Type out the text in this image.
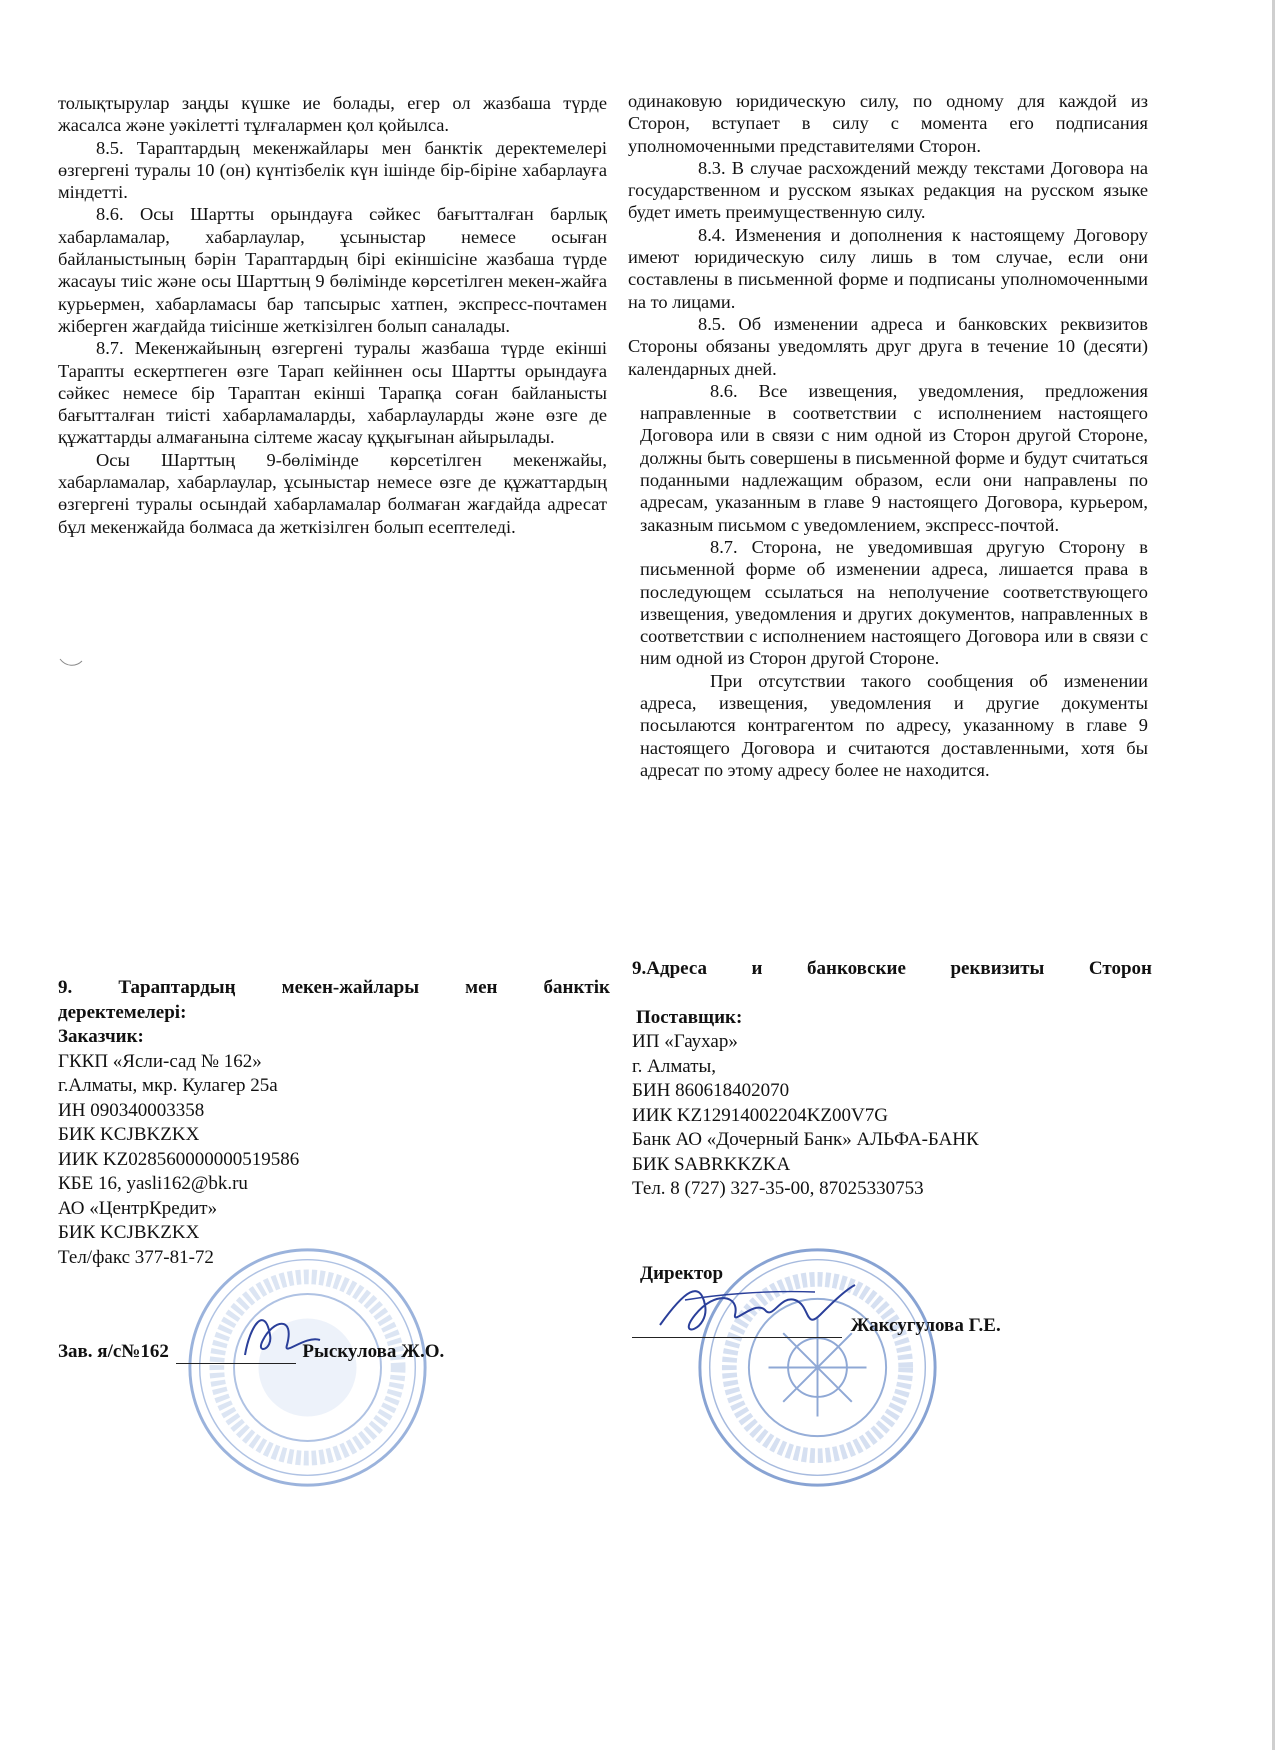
толықтырулар заңды күшке ие болады, егер ол жазбаша түрде жасалса және уәкілетті тұлғалармен қол қойылса.

8.5. Тараптардың мекенжайлары мен банктік деректемелері өзгергені туралы 10 (он) күнтізбелік күн ішінде бір-біріне хабарлауға міндетті.

8.6. Осы Шартты орындауға сәйкес бағытталған барлық хабарламалар, хабарлаулар, ұсыныстар немесе осыған байланыстының бәрін Тараптардың бірі екіншісіне жазбаша түрде жасауы тиіс және осы Шарттың 9 бөлімінде көрсетілген мекен-жайға курьермен, хабарламасы бар тапсырыс хатпен, экспресс-почтамен жіберген жағдайда тиісінше жеткізілген болып саналады.

8.7. Мекенжайының өзгергені туралы жазбаша түрде екінші Тарапты ескертпеген өзге Тарап кейіннен осы Шартты орындауға сәйкес немесе бір Тараптан екінші Тарапқа соған байланысты бағытталған тиісті хабарламаларды, хабарлауларды және өзге де құжаттарды алмағанына сілтеме жасау құқығынан айырылады.

Осы Шарттың 9-бөлімінде көрсетілген мекенжайы, хабарламалар, хабарлаулар, ұсыныстар немесе өзге де құжаттардың өзгергені туралы осындай хабарламалар болмаған жағдайда адресат бұл мекенжайда болмаса да жеткізілген болып есептеледі.

одинаковую юридическую силу, по одному для каждой из Сторон, вступает в силу с момента его подписания уполномоченными представителями Сторон.

8.3. В случае расхождений между текстами Договора на государственном и русском языках редакция на русском языке будет иметь преимущественную силу.

8.4. Изменения и дополнения к настоящему Договору имеют юридическую силу лишь в том случае, если они составлены в письменной форме и подписаны уполномоченными на то лицами.

8.5. Об изменении адреса и банковских реквизитов Стороны обязаны уведомлять друг друга в течение 10 (десяти) календарных дней.

8.6. Все извещения, уведомления, предложения направленные в соответствии с исполнением настоящего Договора или в связи с ним одной из Сторон другой Стороне, должны быть совершены в письменной форме и будут считаться поданными надлежащим образом, если они направлены по адресам, указанным в главе 9 настоящего Договора, курьером, заказным письмом с уведомлением, экспресс-почтой.

8.7. Сторона, не уведомившая другую Сторону в письменной форме об изменении адреса, лишается права в последующем ссылаться на неполучение соответствующего извещения, уведомления и других документов, направленных в соответствии с исполнением настоящего Договора или в связи с ним одной из Сторон другой Стороне.

При отсутствии такого сообщения об изменении адреса, извещения, уведомления и другие документы посылаются контрагентом по адресу, указанному в главе 9 настоящего Договора и считаются доставленными, хотя бы адресат по этому адресу более не находится.

9. Тараптардың мекен-жайлары мен банктік
деректемелері:
Заказчик:
ГККП «Ясли-сад № 162»
г.Алматы, мкр. Кулагер 25а
ИН 090340003358
БИК KCJBKZKX
ИИК KZ028560000000519586
КБЕ 16, yasli162@bk.ru
АО «ЦентрКредит»
БИК KCJBKZKX
Тел/факс 377-81-72
9.Адреса и банковские реквизиты Сторон
Поставщик:
ИП «Гаухар»
г. Алматы,
БИН 860618402070
ИИК KZ12914002204KZ00V7G
Банк АО «Дочерный Банк» АЛЬФА-БАНК
БИК SABRKKZKA
Тел. 8 (727) 327-35-00, 87025330753
Зав. я/с№162	Рыскулова Ж.О.
Директор
Жаксугулова Г.Е.
